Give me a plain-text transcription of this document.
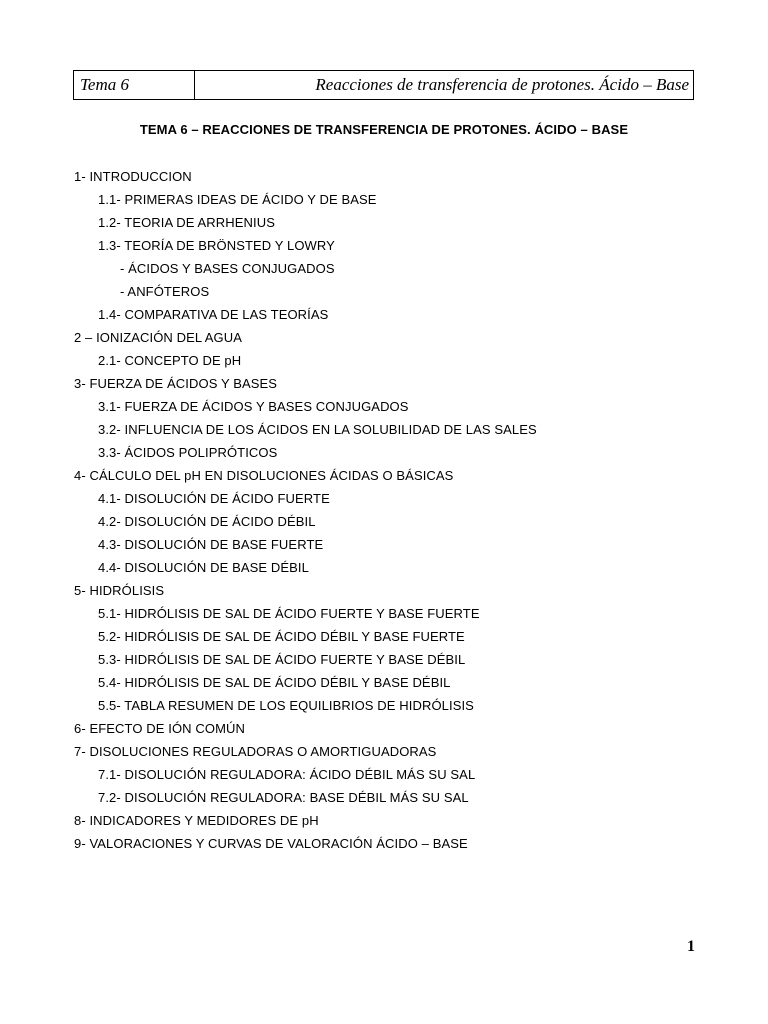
Tema 6	Reacciones de transferencia de protones. Ácido – Base
TEMA 6 – REACCIONES DE TRANSFERENCIA DE PROTONES. ÁCIDO – BASE
1- INTRODUCCION
1.1- PRIMERAS IDEAS DE ÁCIDO Y DE BASE
1.2- TEORIA DE ARRHENIUS
1.3- TEORÍA DE BRÖNSTED Y LOWRY
- ÁCIDOS Y BASES CONJUGADOS
- ANFÓTEROS
1.4- COMPARATIVA DE LAS TEORÍAS
2 – IONIZACIÓN DEL AGUA
2.1- CONCEPTO DE pH
3- FUERZA DE ÁCIDOS Y BASES
3.1- FUERZA DE ÁCIDOS Y BASES CONJUGADOS
3.2- INFLUENCIA DE LOS ÁCIDOS EN LA SOLUBILIDAD DE LAS SALES
3.3- ÁCIDOS POLIPRÓTICOS
4- CÁLCULO DEL pH EN DISOLUCIONES ÁCIDAS O BÁSICAS
4.1- DISOLUCIÓN DE ÁCIDO FUERTE
4.2- DISOLUCIÓN DE ÁCIDO DÉBIL
4.3- DISOLUCIÓN DE BASE FUERTE
4.4- DISOLUCIÓN DE BASE DÉBIL
5- HIDRÓLISIS
5.1- HIDRÓLISIS DE SAL DE ÁCIDO FUERTE Y BASE FUERTE
5.2- HIDRÓLISIS DE SAL DE ÁCIDO DÉBIL Y BASE FUERTE
5.3- HIDRÓLISIS DE SAL DE ÁCIDO FUERTE Y BASE DÉBIL
5.4- HIDRÓLISIS DE SAL DE ÁCIDO DÉBIL Y BASE DÉBIL
5.5- TABLA RESUMEN DE LOS EQUILIBRIOS DE HIDRÓLISIS
6- EFECTO DE IÓN COMÚN
7- DISOLUCIONES REGULADORAS O AMORTIGUADORAS
7.1- DISOLUCIÓN REGULADORA: ÁCIDO DÉBIL MÁS SU SAL
7.2- DISOLUCIÓN REGULADORA: BASE DÉBIL MÁS SU SAL
8- INDICADORES Y MEDIDORES DE pH
9- VALORACIONES Y CURVAS DE VALORACIÓN ÁCIDO – BASE
1
